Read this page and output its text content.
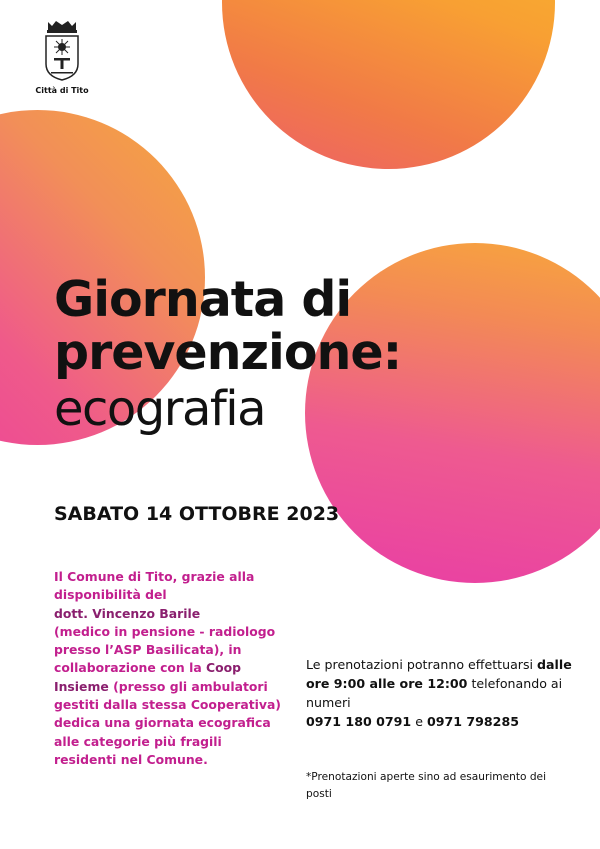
Città di Tito
Giornata di
prevenzione:
ecografia
SABATO 14 OTTOBRE 2023
Il Comune di Tito, grazie alla disponibilità del
dott. Vincenzo Barile
(medico in pensione - radiologo presso l’ASP Basilicata), in collaborazione con la Coop Insieme (presso gli ambulatori gestiti dalla stessa Cooperativa) dedica una giornata ecografica alle categorie più fragili residenti nel Comune.
Le prenotazioni potranno effettuarsi dalle ore 9:00 alle ore 12:00 telefonando ai numeri
0971 180 0791 e 0971 798285
*Prenotazioni aperte sino ad esaurimento dei posti
